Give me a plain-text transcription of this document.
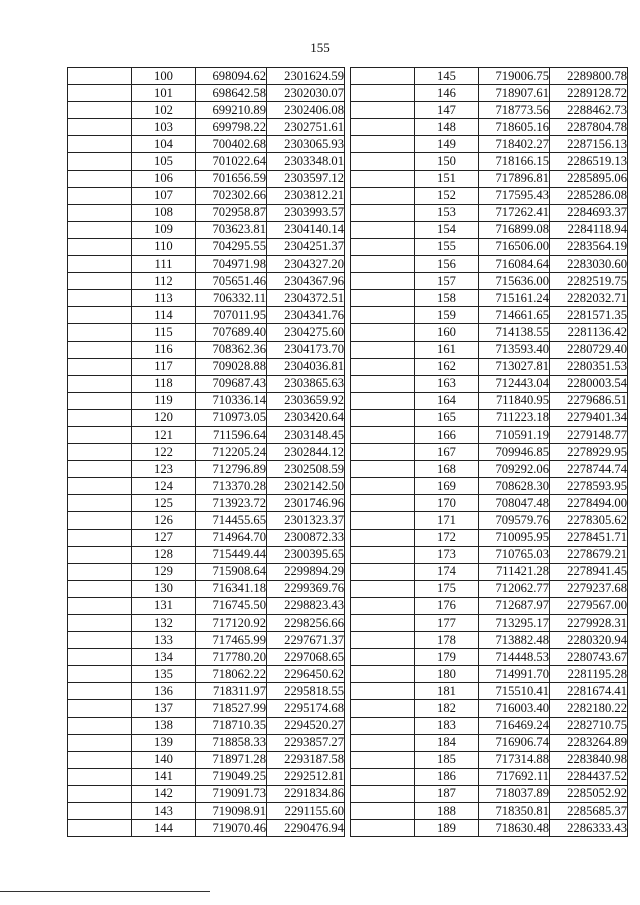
155
	100	698094.62	2301624.59
	101	698642.58	2302030.07
	102	699210.89	2302406.08
	103	699798.22	2302751.61
	104	700402.68	2303065.93
	105	701022.64	2303348.01
	106	701656.59	2303597.12
	107	702302.66	2303812.21
	108	702958.87	2303993.57
	109	703623.81	2304140.14
	110	704295.55	2304251.37
	111	704971.98	2304327.20
	112	705651.46	2304367.96
	113	706332.11	2304372.51
	114	707011.95	2304341.76
	115	707689.40	2304275.60
	116	708362.36	2304173.70
	117	709028.88	2304036.81
	118	709687.43	2303865.63
	119	710336.14	2303659.92
	120	710973.05	2303420.64
	121	711596.64	2303148.45
	122	712205.24	2302844.12
	123	712796.89	2302508.59
	124	713370.28	2302142.50
	125	713923.72	2301746.96
	126	714455.65	2301323.37
	127	714964.70	2300872.33
	128	715449.44	2300395.65
	129	715908.64	2299894.29
	130	716341.18	2299369.76
	131	716745.50	2298823.43
	132	717120.92	2298256.66
	133	717465.99	2297671.37
	134	717780.20	2297068.65
	135	718062.22	2296450.62
	136	718311.97	2295818.55
	137	718527.99	2295174.68
	138	718710.35	2294520.27
	139	718858.33	2293857.27
	140	718971.28	2293187.58
	141	719049.25	2292512.81
	142	719091.73	2291834.86
	143	719098.91	2291155.60
	144	719070.46	2290476.94
	145	719006.75	2289800.78
	146	718907.61	2289128.72
	147	718773.56	2288462.73
	148	718605.16	2287804.78
	149	718402.27	2287156.13
	150	718166.15	2286519.13
	151	717896.81	2285895.06
	152	717595.43	2285286.08
	153	717262.41	2284693.37
	154	716899.08	2284118.94
	155	716506.00	2283564.19
	156	716084.64	2283030.60
	157	715636.00	2282519.75
	158	715161.24	2282032.71
	159	714661.65	2281571.35
	160	714138.55	2281136.42
	161	713593.40	2280729.40
	162	713027.81	2280351.53
	163	712443.04	2280003.54
	164	711840.95	2279686.51
	165	711223.18	2279401.34
	166	710591.19	2279148.77
	167	709946.85	2278929.95
	168	709292.06	2278744.74
	169	708628.30	2278593.95
	170	708047.48	2278494.00
	171	709579.76	2278305.62
	172	710095.95	2278451.71
	173	710765.03	2278679.21
	174	711421.28	2278941.45
	175	712062.77	2279237.68
	176	712687.97	2279567.00
	177	713295.17	2279928.31
	178	713882.48	2280320.94
	179	714448.53	2280743.67
	180	714991.70	2281195.28
	181	715510.41	2281674.41
	182	716003.40	2282180.22
	183	716469.24	2282710.75
	184	716906.74	2283264.89
	185	717314.88	2283840.98
	186	717692.11	2284437.52
	187	718037.89	2285052.92
	188	718350.81	2285685.37
	189	718630.48	2286333.43
